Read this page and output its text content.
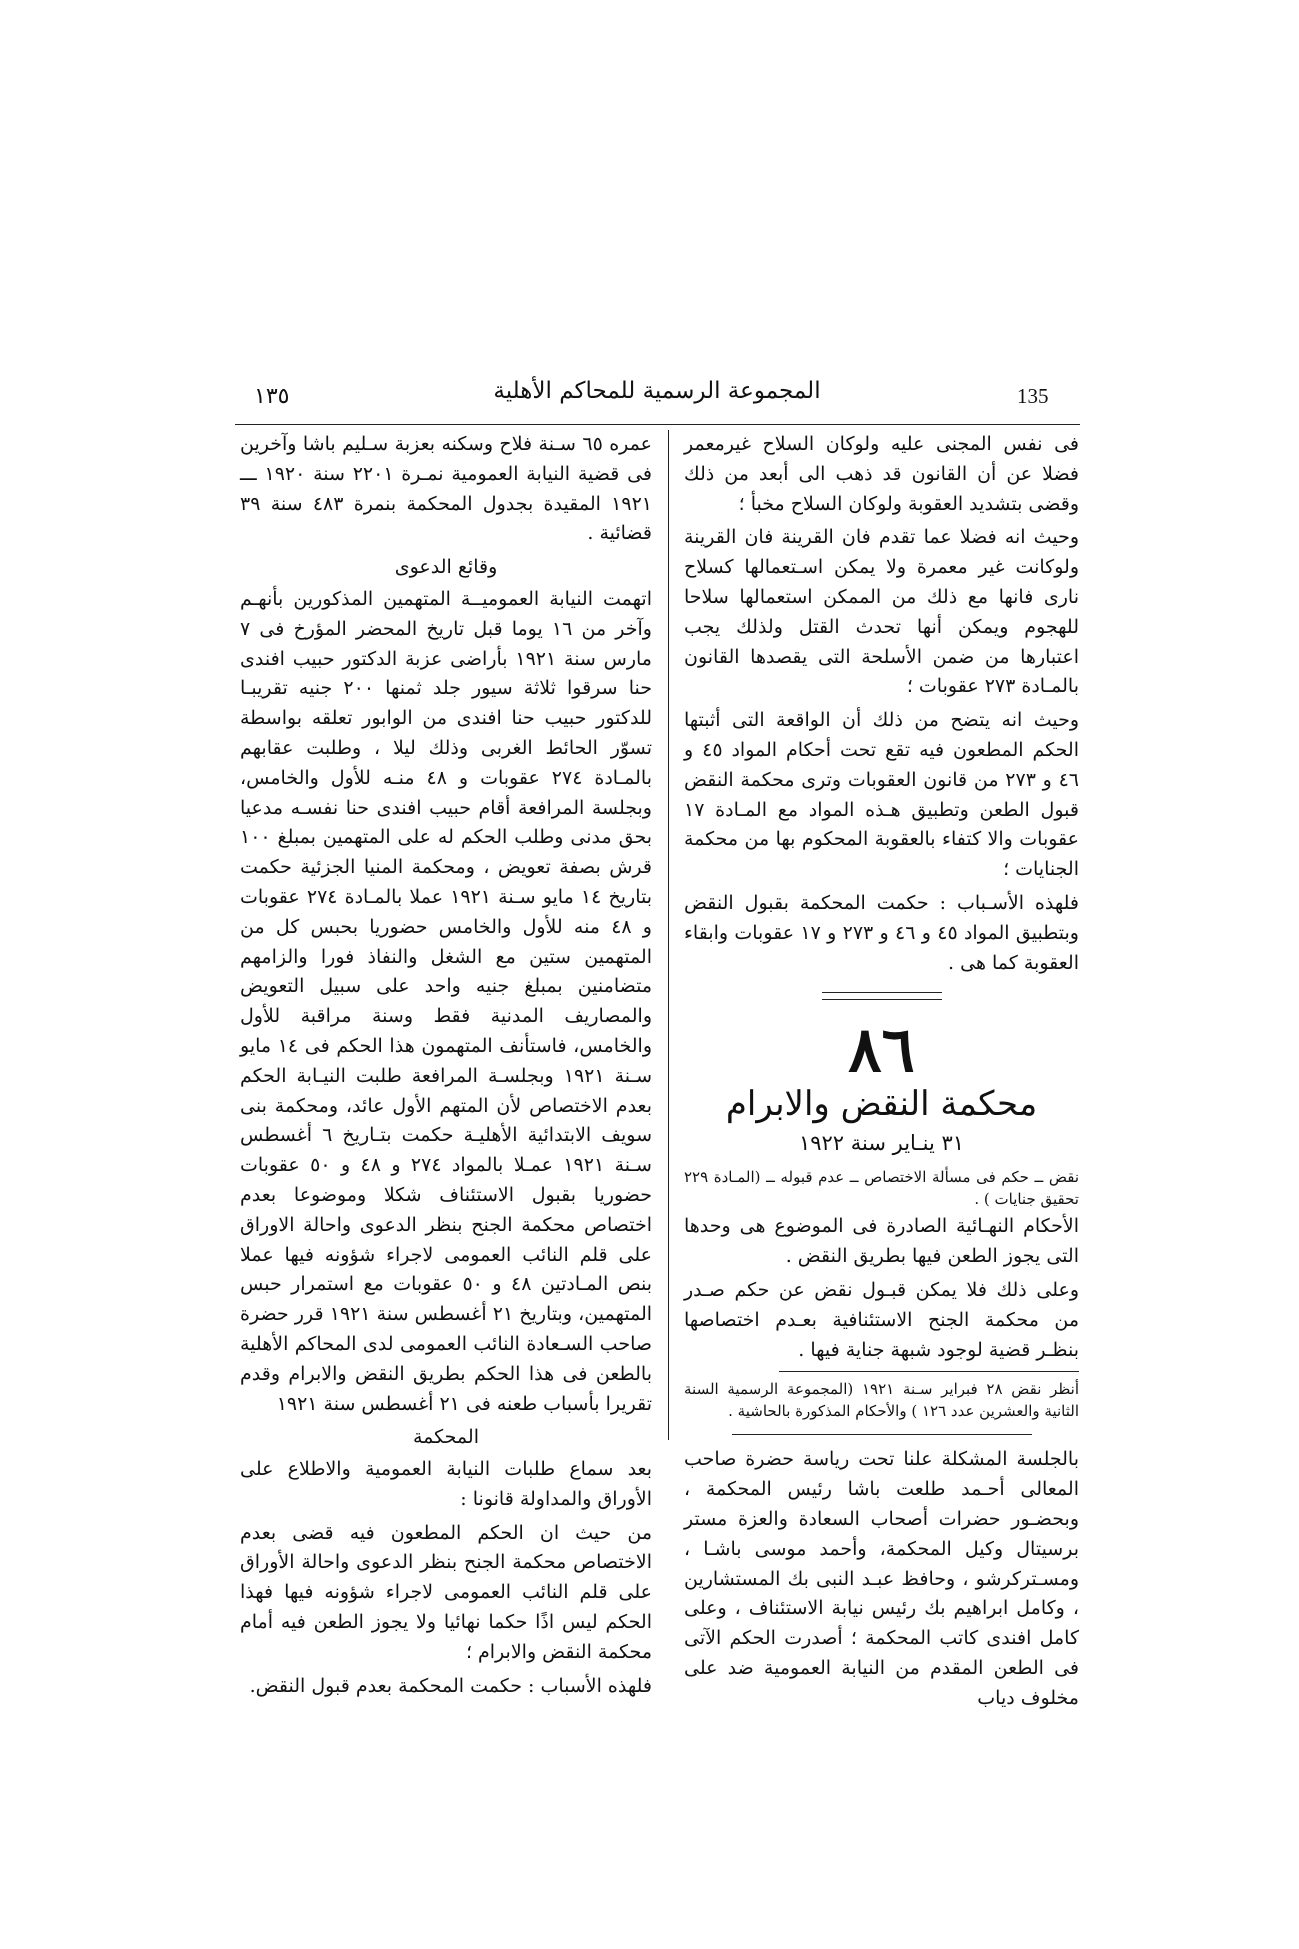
135
المجموعة الرسمية للمحاكم الأهلية
١٣٥

فى نفس المجنى عليه ولوكان السلاح غيرمعمر فضلا عن أن القانون قد ذهب الى أبعد من ذلك وقضى بتشديد العقوبة ولوكان السلاح مخبأ ؛

وحيث انه فضلا عما تقدم فان القرينة فان القرينة ولوكانت غير معمرة ولا يمكن اسـتعمالها كسلاح نارى فانها مع ذلك من الممكن استعمالها سلاحا للهجوم ويمكن أنها تحدث القتل ولذلك يجب اعتبارها من ضمن الأسلحة التى يقصدها القانون بالمـادة ٢٧٣ عقوبات ؛

وحيث انه يتضح من ذلك أن الواقعة التى أثبتها الحكم المطعون فيه تقع تحت أحكام المواد ٤٥ و ٤٦ و ٢٧٣ من قانون العقوبات وترى محكمة النقض قبول الطعن وتطبيق هـذه المواد مع المـادة ١٧ عقوبات والا كتفاء بالعقوبة المحكوم بها من محكمة الجنايات ؛

فلهذه الأسـباب : حكمت المحكمة بقبول النقض وبتطبيق المواد ٤٥ و ٤٦ و ٢٧٣ و ١٧ عقوبات وابقاء العقوبة كما هى .

٨٦
محكمة النقض والابرام
٣١ ينـاير سنة ١٩٢٢
نقض ــ حكم فى مسألة الاختصاص ــ عدم قبوله ــ (المـادة ٢٢٩ تحقيق جنايات ) .

الأحكام النهـائية الصادرة فى الموضوع هى وحدها التى يجوز الطعن فيها بطريق النقض .

وعلى ذلك فلا يمكن قبـول نقض عن حكم صـدر من محكمة الجنح الاستئنافية بعـدم اختصاصها بنظـر قضية لوجود شبهة جناية فيها .

أنظر نقض ٢٨ فبراير سـنة ١٩٢١ (المجموعة الرسمية السنة الثانية والعشرين عدد ١٢٦ ) والأحكام المذكورة بالحاشية .

بالجلسة المشكلة علنا تحت رياسة حضرة صاحب المعالى أحـمد طلعت باشا رئيس المحكمة ، وبحضـور حضرات أصحاب السعادة والعزة مستر برسيتال وكيل المحكمة، وأحمد موسى باشـا ، ومسـتركرشو ، وحافظ عبـد النبى بك المستشارين ، وكامل ابراهيم بك رئيس نيابة الاستئناف ، وعلى كامل افندى كاتب المحكمة ؛ أصدرت الحكم الآتى فى الطعن المقدم من النيابة العمومية ضد على مخلوف دياب

عمره ٦٥ سـنة فلاح وسكنه بعزبة سـليم باشا وآخرين فى قضية النيابة العمومية نمـرة ٢٢٠١ سنة ١٩٢٠ ـــ ١٩٢١ المقيدة بجدول المحكمة بنمرة ٤٨٣ سنة ٣٩ قضائية .

وقائع الدعوى

اتهمت النيابة العموميــة المتهمين المذكورين بأنهـم وآخر من ١٦ يوما قبل تاريخ المحضر المؤرخ فى ٧ مارس سنة ١٩٢١ بأراضى عزبة الدكتور حبيب افندى حنا سرقوا ثلاثة سيور جلد ثمنها ٢٠٠ جنيه تقريبـا للدكتور حبيب حنا افندى من الوابور تعلقه بواسطة تسوّر الحائط الغربى وذلك ليلا ، وطلبت عقابهم بالمـادة ٢٧٤ عقوبات و ٤٨ منـه للأول والخامس، وبجلسة المرافعة أقام حبيب افندى حنا نفسـه مدعيا بحق مدنى وطلب الحكم له على المتهمين بمبلغ ١٠٠ قرش بصفة تعويض ، ومحكمة المنيا الجزئية حكمت بتاريخ ١٤ مايو سـنة ١٩٢١ عملا بالمـادة ٢٧٤ عقوبات و ٤٨ منه للأول والخامس حضوريا بحبس كل من المتهمين ستين مع الشغل والنفاذ فورا والزامهم متضامنين بمبلغ جنيه واحد على سبيل التعويض والمصاريف المدنية فقط وسنة مراقبة للأول والخامس، فاستأنف المتهمون هذا الحكم فى ١٤ مايو سـنة ١٩٢١ وبجلسـة المرافعة طلبت النيـابة الحكم بعدم الاختصاص لأن المتهم الأول عائد، ومحكمة بنى سويف الابتدائية الأهليـة حكمت بتـاريخ ٦ أغسطس سـنة ١٩٢١ عمـلا بالمواد ٢٧٤ و ٤٨ و ٥٠ عقوبات حضوريا بقبول الاستئناف شكلا وموضوعا بعدم اختصاص محكمة الجنح بنظر الدعوى واحالة الاوراق على قلم النائب العمومى لاجراء شؤونه فيها عملا بنص المـادتين ٤٨ و ٥٠ عقوبات مع استمرار حبس المتهمين، وبتاريخ ٢١ أغسطس سنة ١٩٢١ قرر حضرة صاحب السـعادة النائب العمومى لدى المحاكم الأهلية بالطعن فى هذا الحكم بطريق النقض والابرام وقدم تقريرا بأسباب طعنه فى ٢١ أغسطس سنة ١٩٢١

المحكمة

بعد سماع طلبات النيابة العمومية والاطلاع على الأوراق والمداولة قانونا :

من حيث ان الحكم المطعون فيه قضى بعدم الاختصاص محكمة الجنح بنظر الدعوى واحالة الأوراق على قلم النائب العمومى لاجراء شؤونه فيها فهذا الحكم ليس اذًا حكما نهائيا ولا يجوز الطعن فيه أمام محكمة النقض والابرام ؛

فلهذه الأسباب : حكمت المحكمة بعدم قبول النقض.
